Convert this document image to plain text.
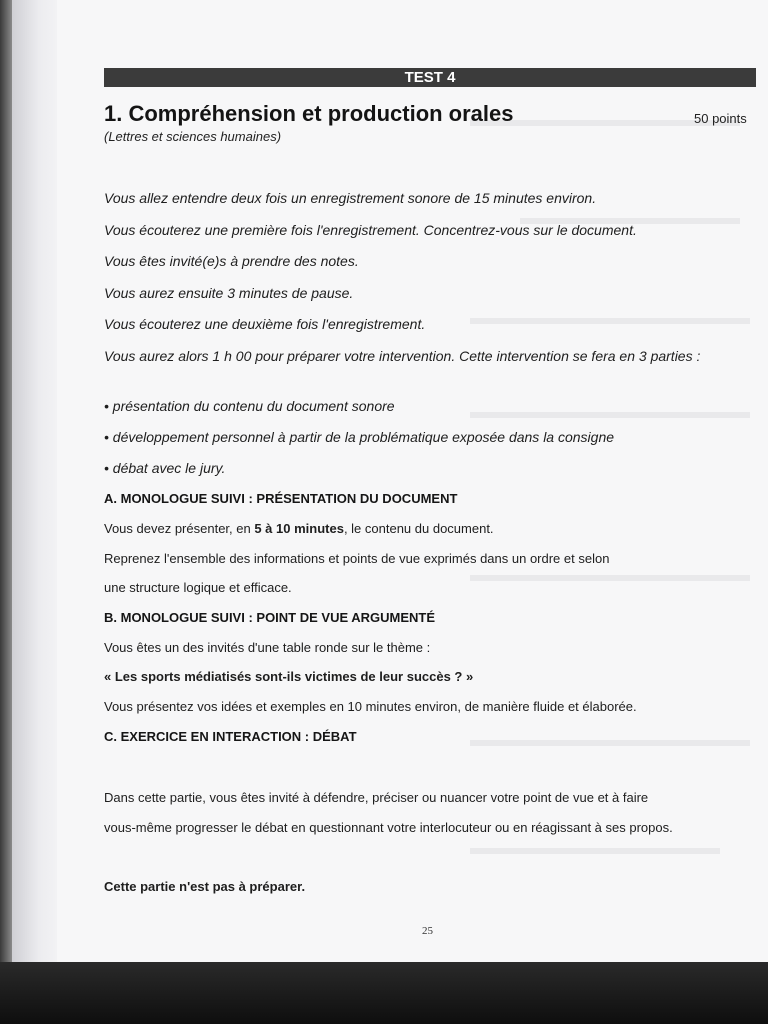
TEST 4
1. Compréhension et production orales	50 points
(Lettres et sciences humaines)
Vous allez entendre deux fois un enregistrement sonore de 15 minutes environ.
Vous écouterez une première fois l'enregistrement. Concentrez-vous sur le document.
Vous êtes invité(e)s à prendre des notes.
Vous aurez ensuite 3 minutes de pause.
Vous écouterez une deuxième fois l'enregistrement.
Vous aurez alors 1 h 00 pour préparer votre intervention. Cette intervention se fera en 3 parties :
• présentation du contenu du document sonore
• développement personnel à partir de la problématique exposée dans la consigne
• débat avec le jury.
A. MONOLOGUE SUIVI : PRÉSENTATION DU DOCUMENT
Vous devez présenter, en 5 à 10 minutes, le contenu du document.
Reprenez l'ensemble des informations et points de vue exprimés dans un ordre et selon
une structure logique et efficace.
B. MONOLOGUE SUIVI : POINT DE VUE ARGUMENTÉ
Vous êtes un des invités d'une table ronde sur le thème :
« Les sports médiatisés sont-ils victimes de leur succès ? »
Vous présentez vos idées et exemples en 10 minutes environ, de manière fluide et élaborée.
C. EXERCICE EN INTERACTION : DÉBAT
Dans cette partie, vous êtes invité à défendre, préciser ou nuancer votre point de vue et à faire
vous-même progresser le débat en questionnant votre interlocuteur ou en réagissant à ses propos.
Cette partie n'est pas à préparer.
25
